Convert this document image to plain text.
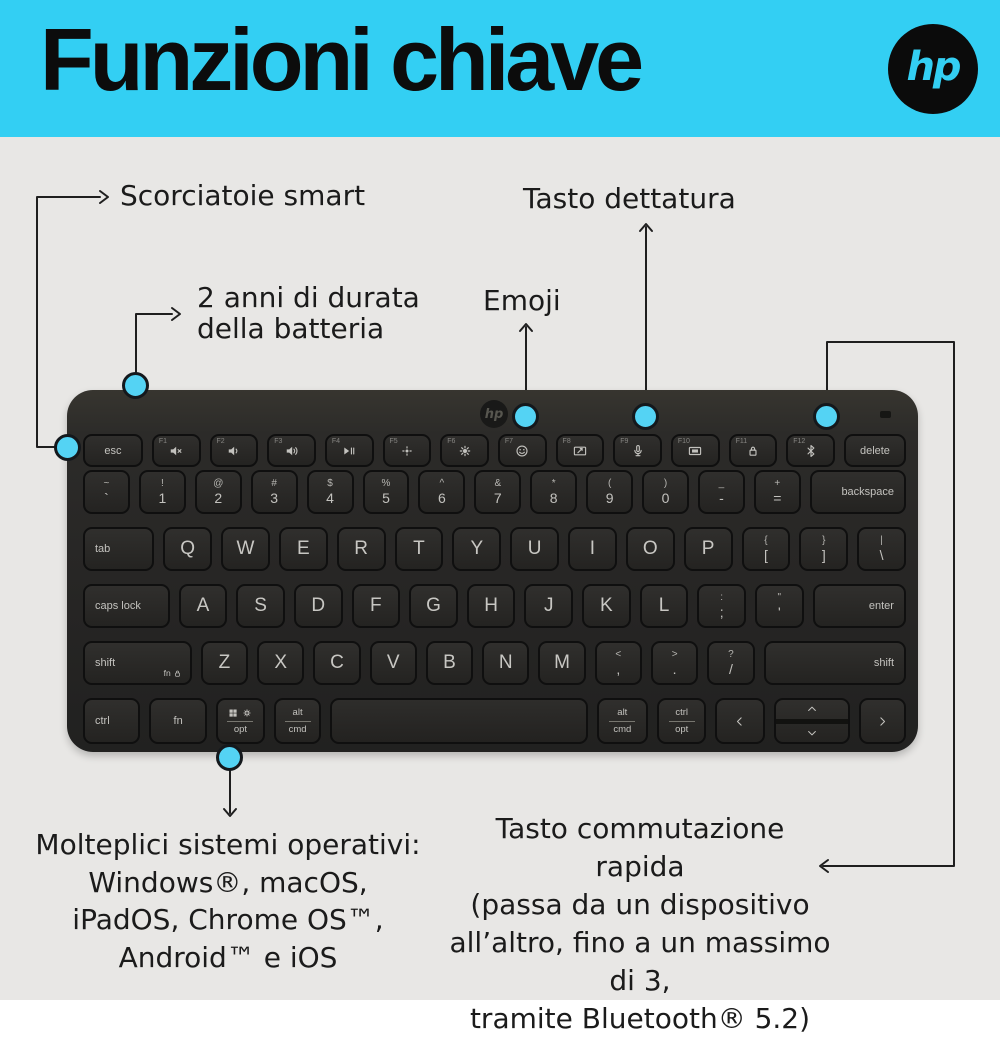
Funzioni chiave	hp
hp
esc
F1	F2	F3	F4	F5	F6	F7	F8	F9	F10	F11	F12
delete
~
`
!
1
@
2
#
3
$
4
%
5
^
6
&
7
*
8
(
9
)
0
_
-
+
=	backspace
tab	Q W E R T Y U	I	O P	{
[
}
]
|
\
caps lock	A S D F G H J K L	:
;
"
'	enter
shift
fn	Z X C V B N M	<
,
>
.
?
/	shift
ctrl	fn
opt
alt
cmd
alt
cmd
ctrl
opt
Scorciatoie smart
2 anni di durata
della batteria
Emoji
Tasto dettatura
Molteplici sistemi operativi:
Windows®, macOS,
iPadOS, Chrome OS™,
Android™ e iOS
Tasto commutazione rapida
(passa da un dispositivo
all’altro, fino a un massimo di 3,
tramite Bluetooth® 5.2)
